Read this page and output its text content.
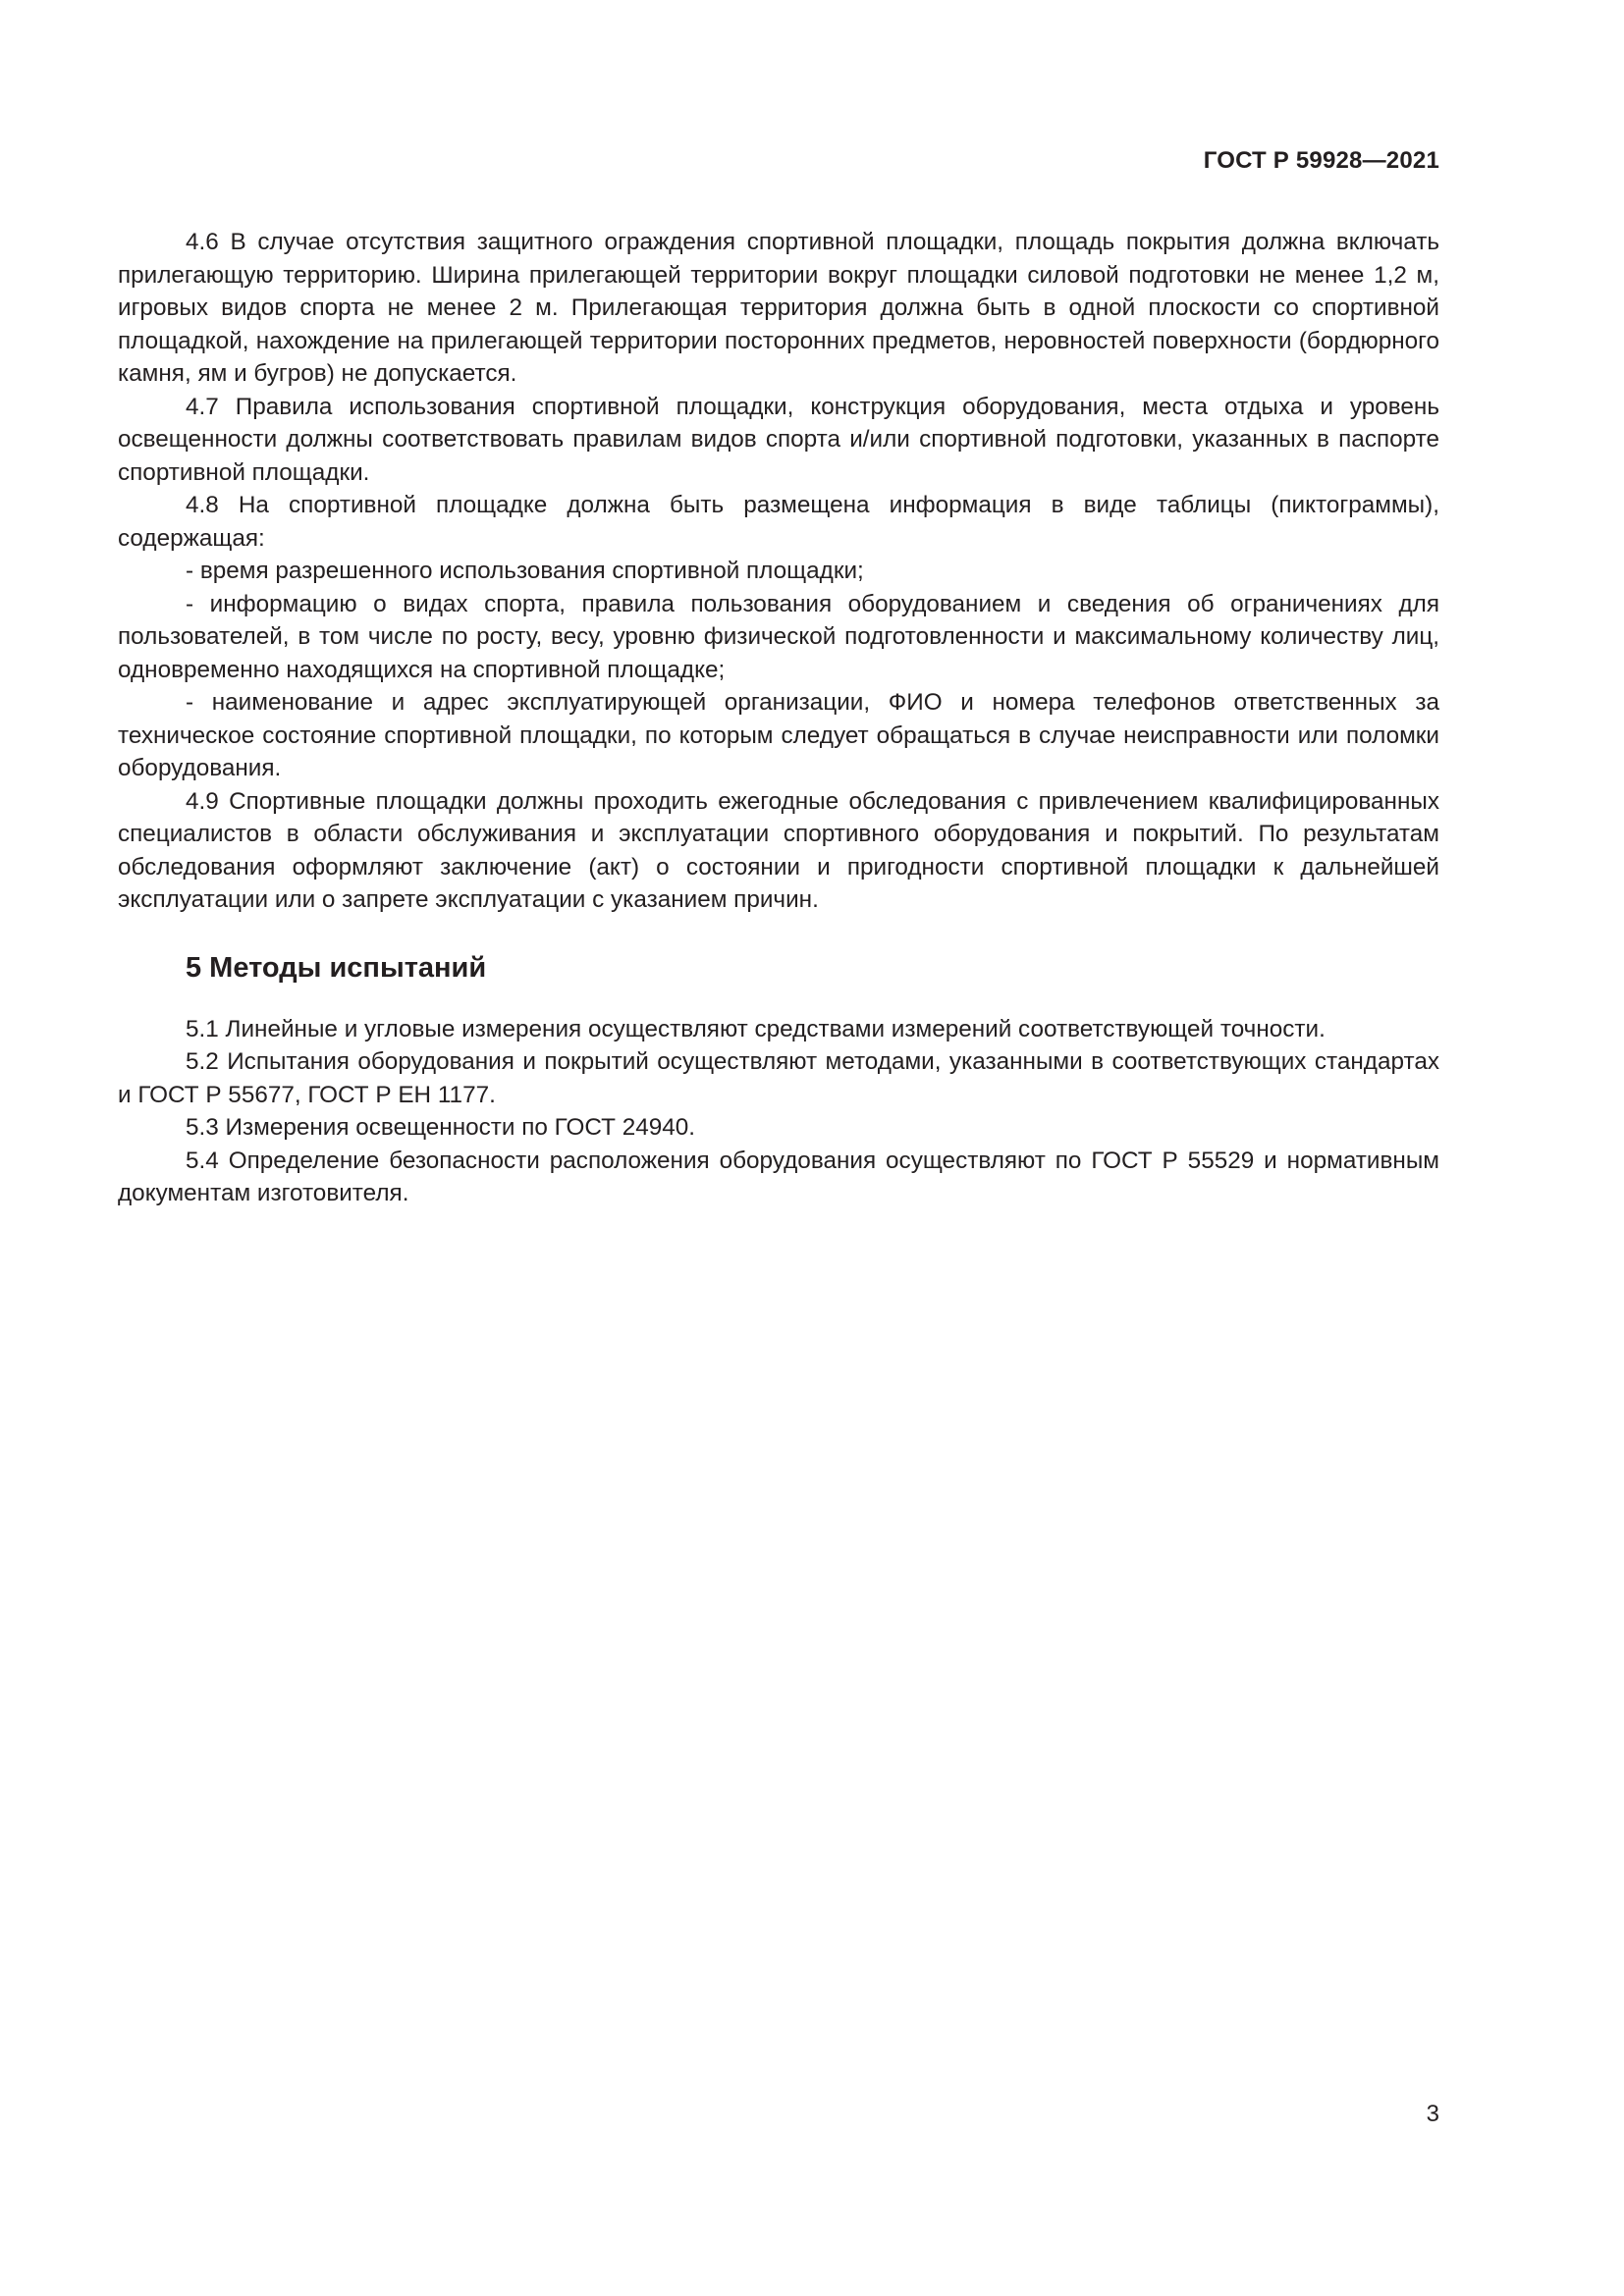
ГОСТ Р 59928—2021

4.6 В случае отсутствия защитного ограждения спортивной площадки, площадь покрытия должна включать прилегающую территорию. Ширина прилегающей территории вокруг площадки силовой подготовки не менее 1,2 м, игровых видов спорта не менее 2 м. Прилегающая территория должна быть в одной плоскости со спортивной площадкой, нахождение на прилегающей территории посторонних предметов, неровностей поверхности (бордюрного камня, ям и бугров) не допускается.

4.7 Правила использования спортивной площадки, конструкция оборудования, места отдыха и уровень освещенности должны соответствовать правилам видов спорта и/или спортивной подготовки, указанных в паспорте спортивной площадки.

4.8 На спортивной площадке должна быть размещена информация в виде таблицы (пиктограммы), содержащая:

- время разрешенного использования спортивной площадки;

- информацию о видах спорта, правила пользования оборудованием и сведения об ограничениях для пользователей, в том числе по росту, весу, уровню физической подготовленности и максимальному количеству лиц, одновременно находящихся на спортивной площадке;

- наименование и адрес эксплуатирующей организации, ФИО и номера телефонов ответственных за техническое состояние спортивной площадки, по которым следует обращаться в случае неисправности или поломки оборудования.

4.9 Спортивные площадки должны проходить ежегодные обследования с привлечением квалифицированных специалистов в области обслуживания и эксплуатации спортивного оборудования и покрытий. По результатам обследования оформляют заключение (акт) о состоянии и пригодности спортивной площадки к дальнейшей эксплуатации или о запрете эксплуатации с указанием причин.

5 Методы испытаний

5.1 Линейные и угловые измерения осуществляют средствами измерений соответствующей точности.

5.2 Испытания оборудования и покрытий осуществляют методами, указанными в соответствующих стандартах и ГОСТ Р 55677, ГОСТ Р ЕН 1177.

5.3 Измерения освещенности по ГОСТ 24940.

5.4 Определение безопасности расположения оборудования осуществляют по ГОСТ Р 55529 и нормативным документам изготовителя.

3
